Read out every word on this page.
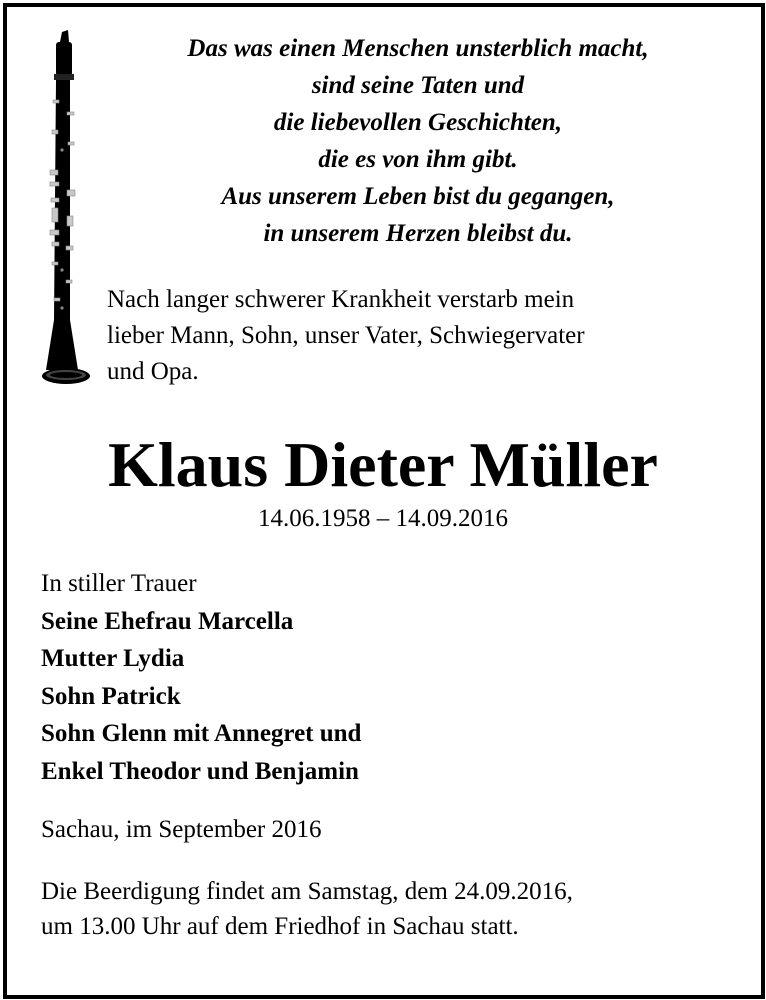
Das was einen Menschen unsterblich macht,
sind seine Taten und
die liebevollen Geschichten,
die es von ihm gibt.
Aus unserem Leben bist du gegangen,
in unserem Herzen bleibst du.
Nach langer schwerer Krankheit verstarb mein
lieber Mann, Sohn, unser Vater, Schwiegervater
und Opa.
Klaus Dieter Müller
14.06.1958 – 14.09.2016
In stiller Trauer
Seine Ehefrau Marcella
Mutter Lydia
Sohn Patrick
Sohn Glenn mit Annegret und
Enkel Theodor und Benjamin
Sachau, im September 2016
Die Beerdigung findet am Samstag, dem 24.09.2016,
um 13.00 Uhr auf dem Friedhof in Sachau statt.
